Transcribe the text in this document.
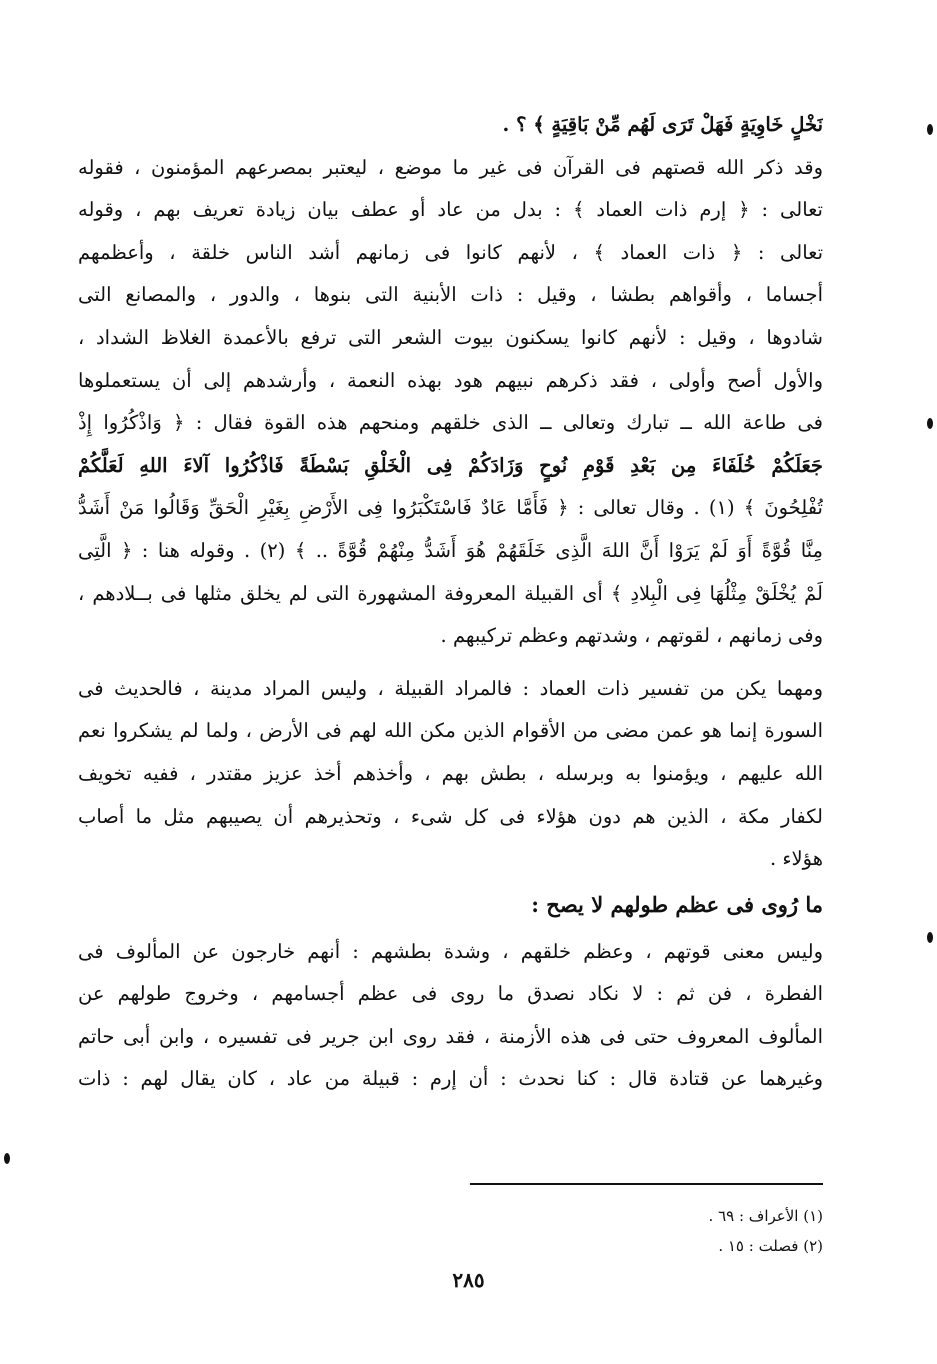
نَخْلٍ خَاوِيَةٍ فَهَلْ تَرَى لَهُم مِّنْ بَاقِيَةٍ ﴾ ؟ .
وقد ذكر الله قصتهم فى القرآن فى غير ما موضع ، ليعتبر بمصرعهم المؤمنون ، فقوله
تعالى : ﴿ إرم ذات العماد ﴾ : بدل من عاد أو عطف بيان زيادة تعريف بهم ، وقوله
تعالى : ﴿ ذات العماد ﴾ ، لأنهم كانوا فى زمانهم أشد الناس خلقة ، وأعظمهم
أجساما ، وأقواهم بطشا ، وقيل : ذات الأبنية التى بنوها ، والدور ، والمصانع التى
شادوها ، وقيل : لأنهم كانوا يسكنون بيوت الشعر التى ترفع بالأعمدة الغلاظ الشداد ،
والأول أصح وأولى ، فقد ذكرهم نبيهم هود بهذه النعمة ، وأرشدهم إلى أن يستعملوها
فى طاعة الله ــ تبارك وتعالى ــ الذى خلقهم ومنحهم هذه القوة فقال : ﴿ وَاذْكُرُوا إِذْ
جَعَلَكُمْ خُلَفَاءَ مِن بَعْدِ قَوْمِ نُوحٍ وَزَادَكُمْ فِى الْخَلْقِ بَسْطَةً فَاذْكُرُوا آلاءَ اللهِ لَعَلَّكُمْ
تُفْلِحُونَ ﴾ (١) . وقال تعالى : ﴿ فَأَمَّا عَادٌ فَاسْتَكْبَرُوا فِى الأَرْضِ بِغَيْرِ الْحَقِّ وَقَالُوا مَنْ أَشَدُّ
مِنَّا قُوَّةً أَوَ لَمْ يَرَوْا أَنَّ اللهَ الَّذِى خَلَقَهُمْ هُوَ أَشَدُّ مِنْهُمْ قُوَّةً .. ﴾ (٢) . وقوله هنا : ﴿ الَّتِى
لَمْ يُخْلَقْ مِثْلُهَا فِى الْبِلادِ ﴾ أى القبيلة المعروفة المشهورة التى لم يخلق مثلها فى بــلادهم ،
وفى زمانهم ، لقوتهم ، وشدتهم وعظم تركيبهم .
ومهما يكن من تفسير ذات العماد : فالمراد القبيلة ، وليس المراد مدينة ، فالحديث فى
السورة إنما هو عمن مضى من الأقوام الذين مكن الله لهم فى الأرض ، ولما لم يشكروا نعم
الله عليهم ، ويؤمنوا به وبرسله ، بطش بهم ، وأخذهم أخذ عزيز مقتدر ، ففيه تخويف
لكفار مكة ، الذين هم دون هؤلاء فى كل شىء ، وتحذيرهم أن يصيبهم مثل ما أصاب
هؤلاء .
ما رُوى فى عظم طولهم لا يصح :
وليس معنى قوتهم ، وعظم خلقهم ، وشدة بطشهم : أنهم خارجون عن المألوف فى
الفطرة ، فن ثم : لا نكاد نصدق ما روى فى عظم أجسامهم ، وخروج طولهم عن
المألوف المعروف حتى فى هذه الأزمنة ، فقد روى ابن جرير فى تفسيره ، وابن أبى حاتم
وغيرهما عن قتادة قال : كنا نحدث : أن إرم : قبيلة من عاد ، كان يقال لهم : ذات
(١) الأعراف : ٦٩ .
(٢) فصلت : ١٥ .
٢٨٥
